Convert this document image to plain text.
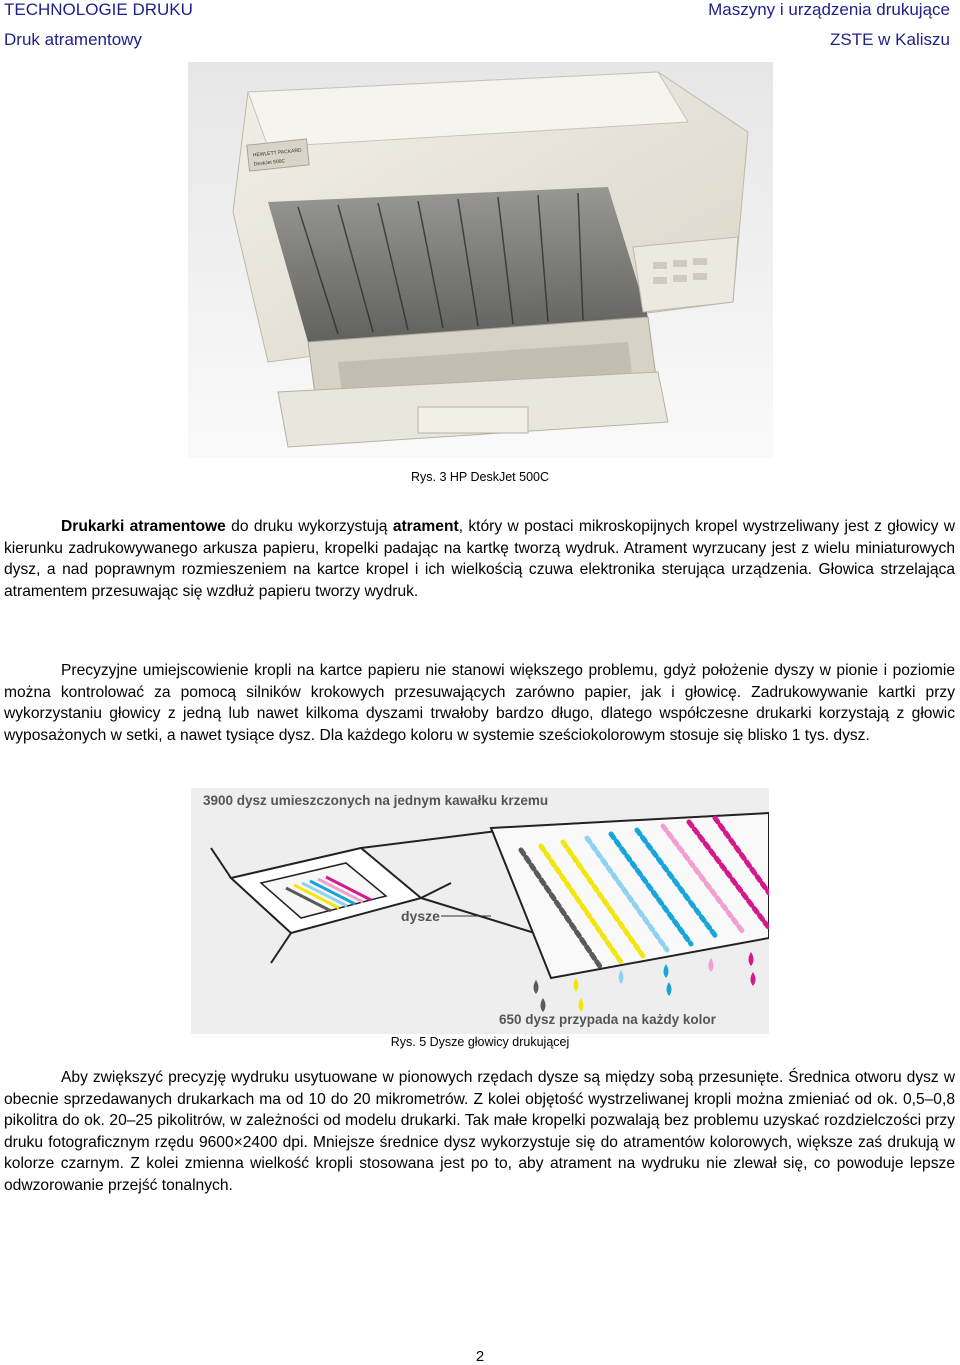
TECHNOLOGIE DRUKU
Druk atramentowy
Maszyny i urządzenia drukujące
ZSTE w Kaliszu
HEWLETT PACKARD
DeskJet 500C
Rys. 3 HP DeskJet 500C
Drukarki atramentowe do druku wykorzystują atrament, który w postaci mikroskopijnych kropel wystrzeliwany jest z głowicy w kierunku zadrukowywanego arkusza papieru, kropelki padając na kartkę tworzą wydruk. Atrament wyrzucany jest z wielu miniaturowych dysz, a nad poprawnym rozmieszeniem na kartce kropel i ich wielkością czuwa elektronika sterująca urządzenia. Głowica strzelająca atramentem przesuwając się wzdłuż papieru tworzy wydruk.
Precyzyjne umiejscowienie kropli na kartce papieru nie stanowi większego problemu, gdyż położenie dyszy w pionie i poziomie można kontrolować za pomocą silników krokowych przesuwających zarówno papier, jak i głowicę. Zadrukowywanie kartki przy wykorzystaniu głowicy z jedną lub nawet kilkoma dyszami trwałoby bardzo długo, dlatego współczesne drukarki korzystają z głowic wyposażonych w setki, a nawet tysiące dysz. Dla każdego koloru w systemie sześciokolorowym stosuje się blisko 1 tys. dysz.
3900 dysz umieszczonych na jednym kawałku krzemu
dysze
650 dysz przypada na każdy kolor
Rys. 5 Dysze głowicy drukującej
Aby zwiększyć precyzję wydruku usytuowane w pionowych rzędach dysze są między sobą przesunięte. Średnica otworu dysz w obecnie sprzedawanych drukarkach ma od 10 do 20 mikrometrów. Z kolei objętość wystrzeliwanej kropli można zmieniać od ok. 0,5–0,8 pikolitra do ok. 20–25 pikolitrów, w zależności od modelu drukarki. Tak małe kropelki pozwalają bez problemu uzyskać rozdzielczości przy druku fotograficznym rzędu 9600×2400 dpi. Mniejsze średnice dysz wykorzystuje się do atramentów kolorowych, większe zaś drukują w kolorze czarnym. Z kolei zmienna wielkość kropli stosowana jest po to, aby atrament na wydruku nie zlewał się, co powoduje lepsze odwzorowanie przejść tonalnych.
2
